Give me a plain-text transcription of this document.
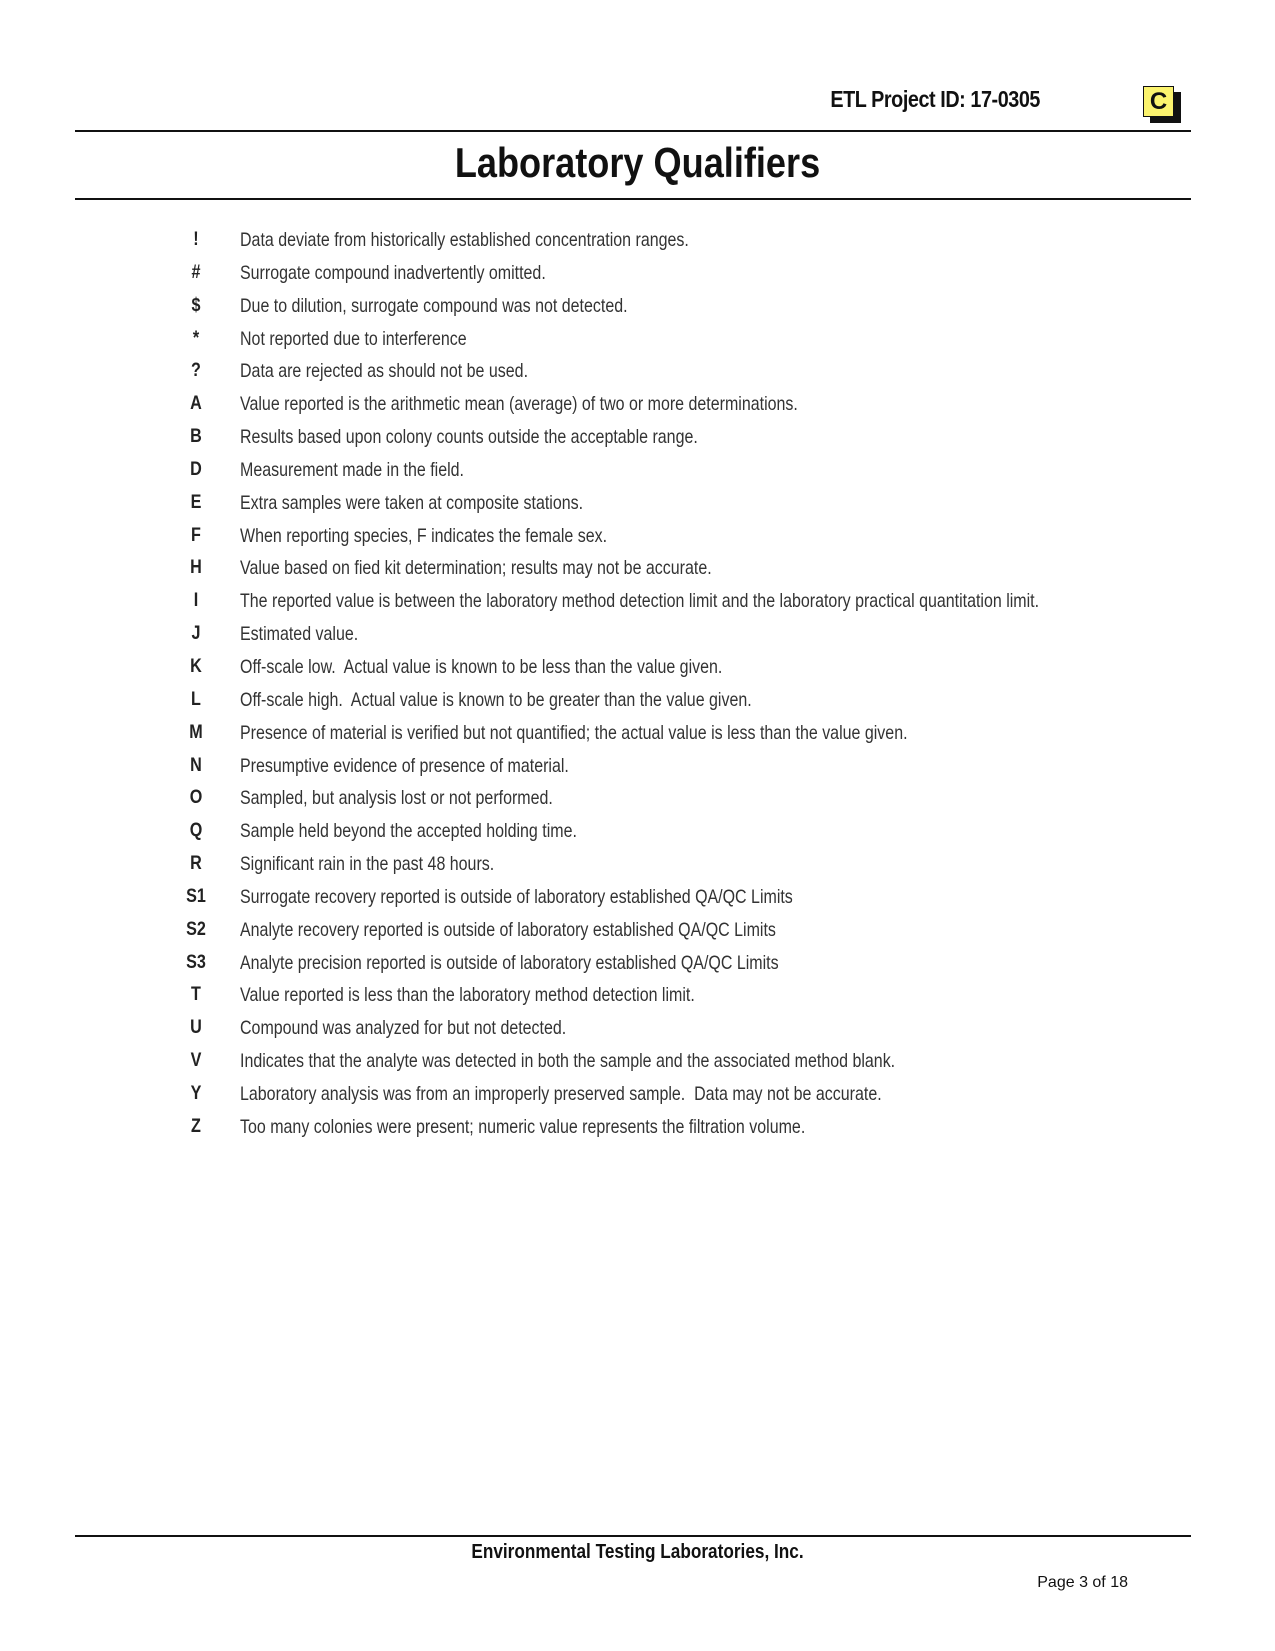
ETL Project ID: 17-0305	C
Laboratory Qualifiers
!	Data deviate from historically established concentration ranges.
#	Surrogate compound inadvertently omitted.
$	Due to dilution, surrogate compound was not detected.
*	Not reported due to interference
?	Data are rejected as should not be used.
A	Value reported is the arithmetic mean (average) of two or more determinations.
B	Results based upon colony counts outside the acceptable range.
D	Measurement made in the field.
E	Extra samples were taken at composite stations.
F	When reporting species, F indicates the female sex.
H	Value based on fied kit determination; results may not be accurate.
I	The reported value is between the laboratory method detection limit and the laboratory practical quantitation limit.
J	Estimated value.
K	Off-scale low.  Actual value is known to be less than the value given.
L	Off-scale high.  Actual value is known to be greater than the value given.
M	Presence of material is verified but not quantified; the actual value is less than the value given.
N	Presumptive evidence of presence of material.
O	Sampled, but analysis lost or not performed.
Q	Sample held beyond the accepted holding time.
R	Significant rain in the past 48 hours.
S1	Surrogate recovery reported is outside of laboratory established QA/QC Limits
S2	Analyte recovery reported is outside of laboratory established QA/QC Limits
S3	Analyte precision reported is outside of laboratory established QA/QC Limits
T	Value reported is less than the laboratory method detection limit.
U	Compound was analyzed for but not detected.
V	Indicates that the analyte was detected in both the sample and the associated method blank.
Y	Laboratory analysis was from an improperly preserved sample.  Data may not be accurate.
Z	Too many colonies were present; numeric value represents the filtration volume.
Environmental Testing Laboratories, Inc.
Page 3 of 18
